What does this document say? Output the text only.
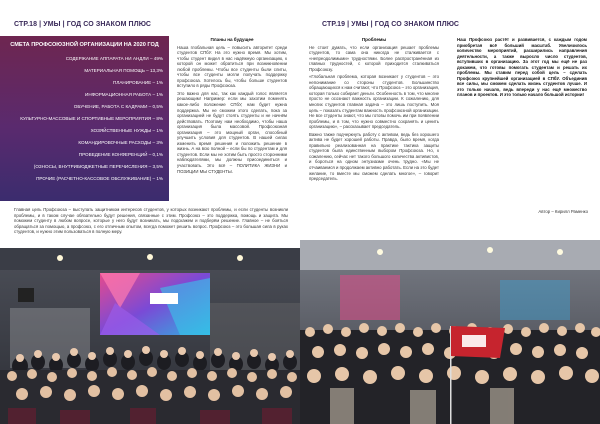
СТР.18 | УМЫ | ГОД СО ЗНАКОМ ПЛЮС
СМЕТА ПРОФСОЮЗНОЙ ОРГАНИЗАЦИИ НА 2020 ГОД
СОДЕРЖАНИЕ АППАРАТА НИ АНДЛИ – 49%
МАТЕРИАЛЬНАЯ ПОМОЩЬ – 13,3%
ПЛАНИРОВАНИЕ – 1%
ИНФОРМАЦИОННАЯ РАБОТА – 1%
ОБУЧЕНИЕ, РАБОТА С КАДРАМИ – 0,5%
КУЛЬТУРНО-МАССОВЫЕ И СПОРТИВНЫЕ МЕРОПРИЯТИЯ – 8%
ХОЗЯЙСТВЕННЫЕ НУЖДЫ – 1%
КОМАНДИРОВОЧНЫЕ РАСХОДЫ – 3%
ПРОВЕДЕНИЕ КОНФЕРЕНЦИЙ – 0,1%
(ОЗНОСЫ, ВНУТРИБЮДЖЕТНЫЕ ПЕРЕЧИСЛЕНИЯ – 3,5%
ПРОЧИЕ (РАСЧЕТНО-КАССОВОЕ ОБСЛУЖИВАНИЕ) – 1%
Планы на будущее

Наша глобальная цель – повысить авторитет среди студентов СПбУ. На это нужно время. Мы хотим, чтобы студент видел в нас надёжную организацию, к которой он может обратиться при возникновении любой проблемы. Чтобы все студенты были слиты, чтобы все студенты могли получать поддержку профсоюза. Хотелось бы, чтобы больше студентов вступило в ряды Профсоюза.

Это важно для нас, так как каждый голос является решающим! Например: если мы захотим поменять какое-либо положение СПбУ, нам будет нужна поддержка. Мы не сможем этого сделать, пока за организацией не будут стоять студенты и не начнём действовать. Поэтому нам необходимо, чтобы наша организация была массовой. Профсоюзная организация – это мощный орган, способный улучшить условия для студентов. В нашей силах изменить время решения и положить решение в жизнь. А на всю полной – если бы по студентам и для студентов. Если мы не хотим быть просто сторонними наблюдателями, мы должны присоединиться и участвовать. Это всё – ПОЛИТИКА ЖИЗНИ и ПОЗИЦИИ МЫ СТУДЕНТЫ.

Главная цель Профсоюза – выступать защитником интересов студентов, у которых возникают проблемы, и если студенты возникли проблемы, и в таком случае обязательно будут решения, связанные с этим. Профсоюз – это поддержка, помощь и защита. Мы поможем студенту в любом вопросе, которые у него будут возникать, мы подскажем и подберём решение. Главное – не бояться обращаться за помощью, а профсоюз, с его отличным опытом, всегда поможет решить вопрос. Профсоюз – это большая сила в руках студентов, и нужно этим пользоваться в полную меру.

СТР.19 | УМЫ | ГОД СО ЗНАКОМ ПЛЮС
Проблемы

Не стоит думать, что если организация решает проблемы студентов, то сама она никогда не сталкивается с «непреодолимыми» трудностями. Более распространённая из главных трудностей, с которой приходится сталкиваться Профсоюзу.

«Глобальная проблема, которая возникает у студентов – это непонимание со стороны студентов. Большинство обращающихся к нам считают, что Профсоюз – это организация, которая только собирает деньги. Особенность в том, что многие просто не осознают важность организации. К сожалению, для многих студентов главная задача – это лишь поступить. Моя цель – показать студентам важность профсоюзной организации. Не все студенты знают, что мы готовы помочь им при появлении проблемы, и в том, что нужно совместно сохранять и ценить организацию», – рассказывает председатель.

Важно также подчеркнуть работу с активом, ведь без хорошего актива не будет хорошей работы. Правда, было время, когда правильно реализованная на практике тактика защиты студентов была единственным выбором Профсоюза. Но, к сожалению, сейчас нет такого большого количества активистов, и бороться на одном энтузиазме очень трудно. «Мы не отчаиваемся и продолжаем активно работать. Если на это будет желание, то вместе мы сможем сделать многое», – говорит председатель.

Наш Профсоюз растёт и развивается, с каждым годом приобретая всё больший масштаб. Увеличилось количество мероприятий, расширились направления деятельности, а также выросло число студентов, вступивших в организацию. За этот год мы ещё не раз докажем, что готовы помогать студентам и решать их проблемы. Мы ставим перед собой цель – сделать Профсоюз крупнейшей организацией в СПбУ. Объединив все силы, мы сможем сделать жизнь студентов лучше. И это только начало, ведь впереди у нас ещё множество планов и проектов. И это только начало большой истории!

Автор – Кирилл Раменко
